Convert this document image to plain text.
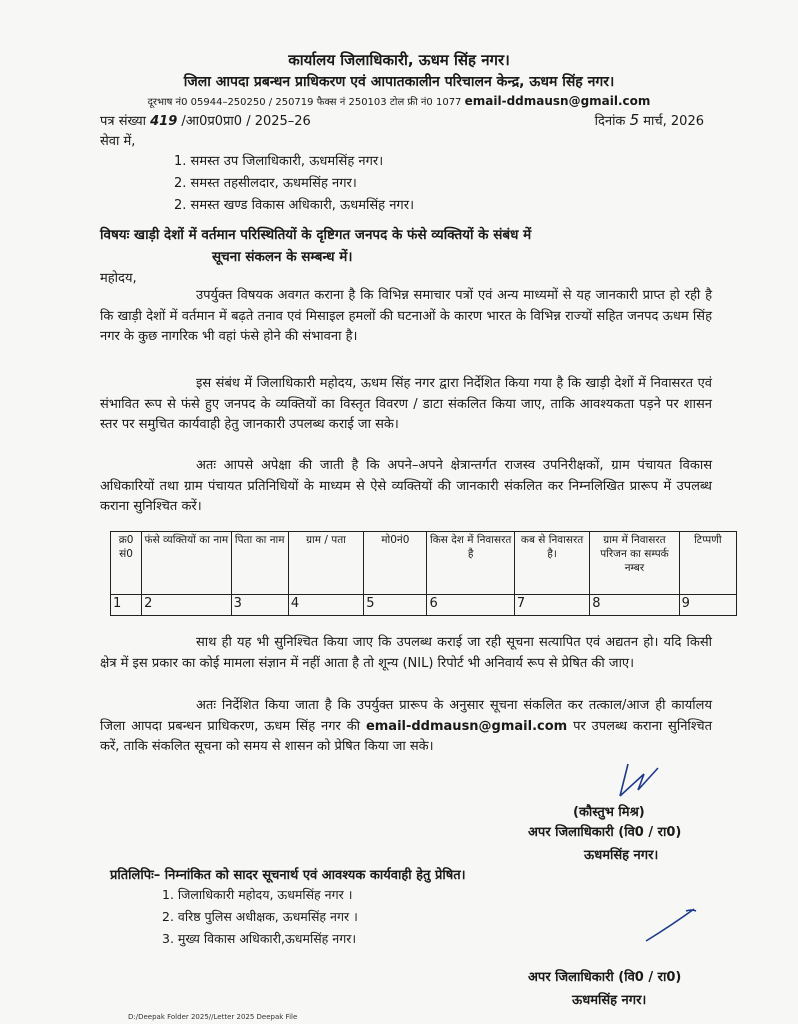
कार्यालय जिलाधिकारी, ऊधम सिंह नगर।
जिला आपदा प्रबन्धन प्राधिकरण एवं आपातकालीन परिचालन केन्द्र, ऊधम सिंह नगर।
दूरभाष नं0 05944–250250 / 250719 फैक्स नं 250103 टोल फ्री नं0 1077 email-ddmausn@gmail.com
पत्र संख्या 419 /आ0प्र0प्रा0 / 2025–26	दिनांक 5 मार्च, 2026
सेवा में,
1. समस्त उप जिलाधिकारी, ऊधमसिंह नगर।
2. समस्त तहसीलदार, ऊधमसिंह नगर।
2. समस्त खण्ड विकास अधिकारी, ऊधमसिंह नगर।
विषयः खाड़ी देशों में वर्तमान परिस्थितियों के दृष्टिगत जनपद के फंसे व्यक्तियों के संबंध में
सूचना संकलन के सम्बन्ध में।
महोदय,
उपर्युक्त विषयक अवगत कराना है कि विभिन्न समाचार पत्रों एवं अन्य माध्यमों से यह जानकारी प्राप्त हो रही है कि खाड़ी देशों में वर्तमान में बढ़ते तनाव एवं मिसाइल हमलों की घटनाओं के कारण भारत के विभिन्न राज्यों सहित जनपद ऊधम सिंह नगर के कुछ नागरिक भी वहां फंसे होने की संभावना है।
इस संबंध में जिलाधिकारी महोदय, ऊधम सिंह नगर द्वारा निर्देशित किया गया है कि खाड़ी देशों में निवासरत एवं संभावित रूप से फंसे हुए जनपद के व्यक्तियों का विस्तृत विवरण / डाटा संकलित किया जाए, ताकि आवश्यकता पड़ने पर शासन स्तर पर समुचित कार्यवाही हेतु जानकारी उपलब्ध कराई जा सके।
अतः आपसे अपेक्षा की जाती है कि अपने–अपने क्षेत्रान्तर्गत राजस्व उपनिरीक्षकों, ग्राम पंचायत विकास अधिकारियों तथा ग्राम पंचायत प्रतिनिधियों के माध्यम से ऐसे व्यक्तियों की जानकारी संकलित कर निम्नलिखित प्रारूप में उपलब्ध कराना सुनिश्चित करें।
क्र0 सं0	फंसे व्यक्तियों का नाम	पिता का नाम	ग्राम / पता	मो0नं0	किस देश में निवासरत है	कब से निवासरत है।	ग्राम में निवासरत परिजन का सम्पर्क नम्बर	टिप्पणी
1	2	3	4	5	6	7	8	9
साथ ही यह भी सुनिश्चित किया जाए कि उपलब्ध कराई जा रही सूचना सत्यापित एवं अद्यतन हो। यदि किसी क्षेत्र में इस प्रकार का कोई मामला संज्ञान में नहीं आता है तो शून्य (NIL) रिपोर्ट भी अनिवार्य रूप से प्रेषित की जाए।
अतः निर्देशित किया जाता है कि उपर्युक्त प्रारूप के अनुसार सूचना संकलित कर तत्काल/आज ही कार्यालय जिला आपदा प्रबन्धन प्राधिकरण, ऊधम सिंह नगर की email-ddmausn@gmail.com पर उपलब्ध कराना सुनिश्चित करें, ताकि संकलित सूचना को समय से शासन को प्रेषित किया जा सके।
(कौस्तुभ मिश्र)
अपर जिलाधिकारी (वि0 / रा0)
ऊधमसिंह नगर।
प्रतिलिपिः– निम्नांकित को सादर सूचनार्थ एवं आवश्यक कार्यवाही हेतु प्रेषित।
1. जिलाधिकारी महोदय, ऊधमसिंह नगर ।
2. वरिष्ठ पुलिस अधीक्षक, ऊधमसिंह नगर ।
3. मुख्य विकास अधिकारी,ऊधमसिंह नगर।
अपर जिलाधिकारी (वि0 / रा0)
ऊधमसिंह नगर।
D:/Deepak Folder 2025//Letter 2025 Deepak File
